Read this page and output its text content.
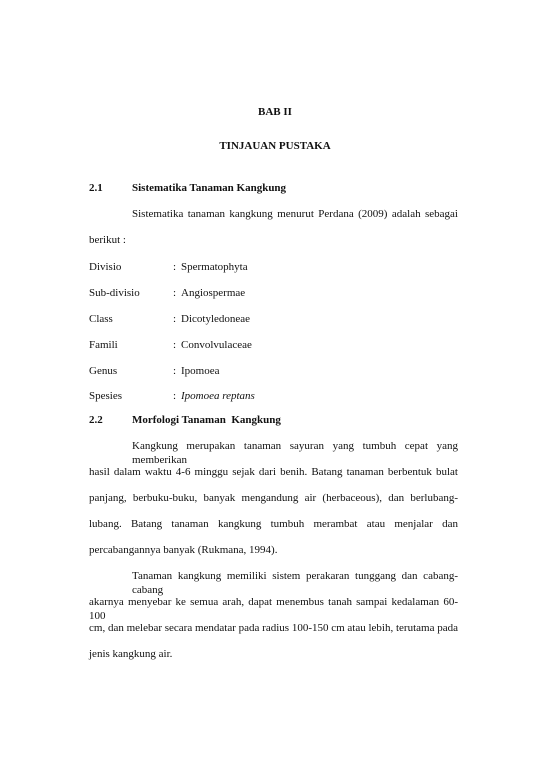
BAB II
TINJAUAN PUSTAKA
2.1	Sistematika Tanaman Kangkung
Sistematika tanaman kangkung menurut Perdana (2009) adalah sebagai
berikut :
Divisio	: Spermatophyta
Sub-divisio	: Angiospermae
Class	: Dicotyledoneae
Famili	: Convolvulaceae
Genus	: Ipomoea
Spesies	: Ipomoea reptans
2.2	Morfologi Tanaman  Kangkung
Kangkung merupakan tanaman sayuran yang tumbuh cepat yang memberikan
hasil dalam waktu 4-6 minggu sejak dari benih. Batang tanaman berbentuk bulat
panjang, berbuku-buku, banyak mengandung air (herbaceous), dan berlubang-
lubang. Batang tanaman kangkung tumbuh merambat atau menjalar dan
percabangannya banyak (Rukmana, 1994).
Tanaman kangkung memiliki sistem perakaran tunggang dan cabang-cabang
akarnya menyebar ke semua arah, dapat menembus tanah sampai kedalaman 60-100
cm, dan melebar secara mendatar pada radius 100-150 cm atau lebih, terutama pada
jenis kangkung air.
